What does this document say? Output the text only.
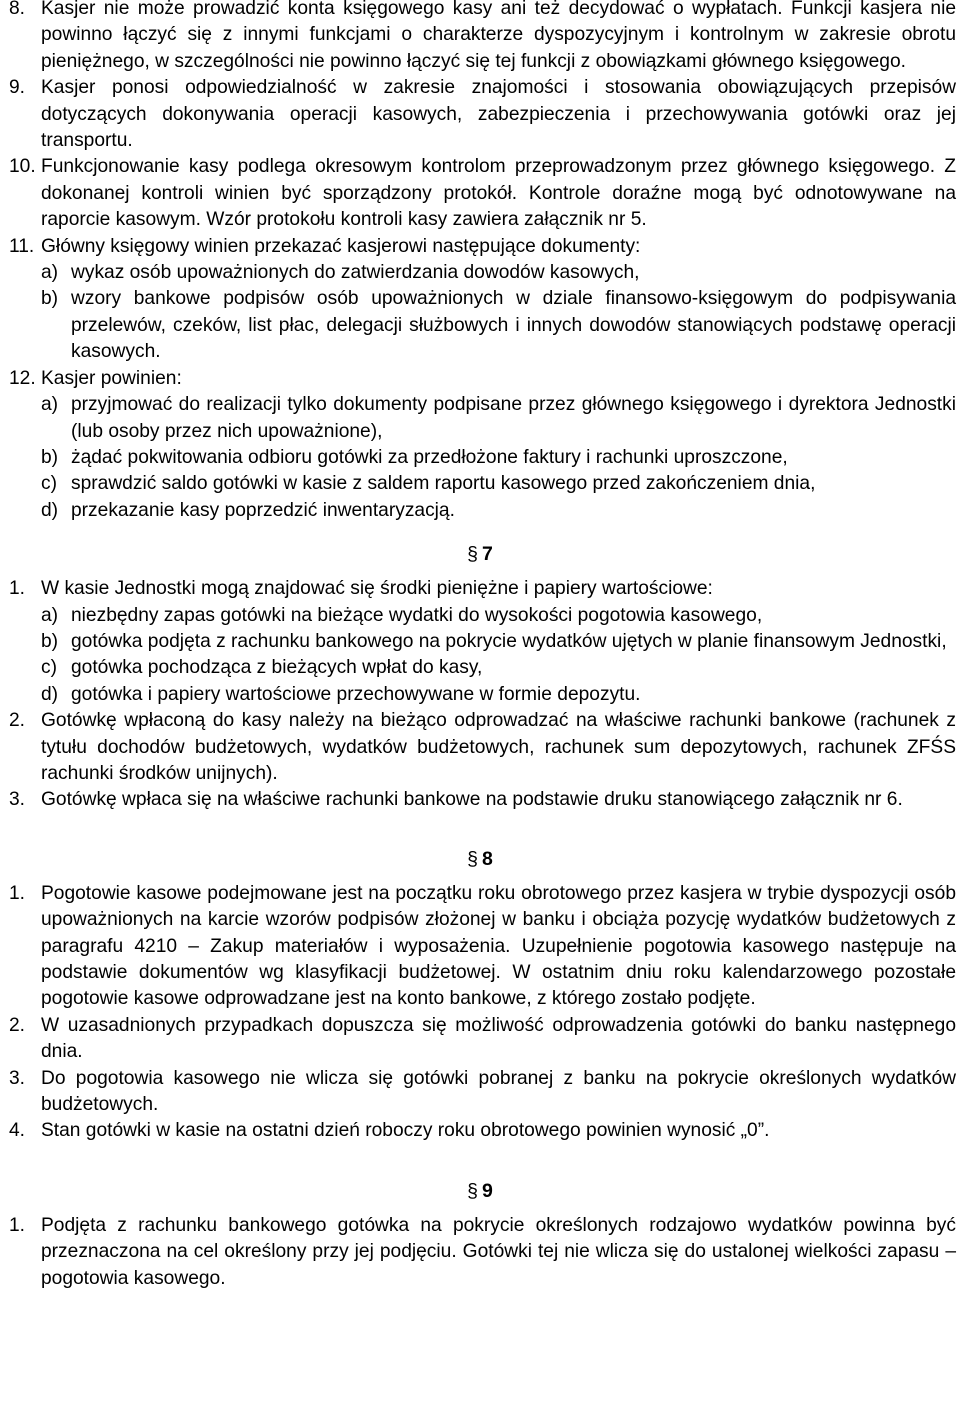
8. Kasjer nie może prowadzić konta księgowego kasy ani też decydować o wypłatach. Funkcji kasjera nie powinno łączyć się z innymi funkcjami o charakterze dyspozycyjnym i kontrolnym w zakresie obrotu pieniężnego, w szczególności nie powinno łączyć się tej funkcji z obowiązkami głównego księgowego.
9. Kasjer ponosi odpowiedzialność w zakresie znajomości i stosowania obowiązujących przepisów dotyczących dokonywania operacji kasowych, zabezpieczenia i przechowywania gotówki oraz jej transportu.
10. Funkcjonowanie kasy podlega okresowym kontrolom przeprowadzonym przez głównego księgowego. Z dokonanej kontroli winien być sporządzony protokół. Kontrole doraźne mogą być odnotowywane na raporcie kasowym. Wzór protokołu kontroli kasy zawiera załącznik nr 5.
11. Główny księgowy winien przekazać kasjerowi następujące dokumenty:
a) wykaz osób upoważnionych do zatwierdzania dowodów kasowych,
b) wzory bankowe podpisów osób upoważnionych w dziale finansowo-księgowym do podpisywania przelewów, czeków, list płac, delegacji służbowych i innych dowodów stanowiących podstawę operacji kasowych.
12. Kasjer powinien:
a) przyjmować do realizacji tylko dokumenty podpisane przez głównego księgowego i dyrektora Jednostki (lub osoby przez nich upoważnione),
b) żądać pokwitowania odbioru gotówki za przedłożone faktury i rachunki uproszczone,
c) sprawdzić saldo gotówki w kasie z saldem raportu kasowego przed zakończeniem dnia,
d) przekazanie kasy poprzedzić inwentaryzacją.
§ 7
1. W kasie Jednostki mogą znajdować się środki pieniężne i papiery wartościowe:
a) niezbędny zapas gotówki na bieżące wydatki do wysokości pogotowia kasowego,
b) gotówka podjęta z rachunku bankowego na pokrycie wydatków ujętych w planie finansowym Jednostki,
c) gotówka pochodząca z bieżących wpłat do kasy,
d) gotówka i papiery wartościowe przechowywane w formie depozytu.
2. Gotówkę wpłaconą do kasy należy na bieżąco odprowadzać na właściwe rachunki bankowe (rachunek z tytułu dochodów budżetowych, wydatków budżetowych, rachunek sum depozytowych, rachunek ZFŚS rachunki środków unijnych).
3. Gotówkę wpłaca się na właściwe rachunki bankowe na podstawie druku stanowiącego załącznik nr 6.
§ 8
1. Pogotowie kasowe podejmowane jest na początku roku obrotowego przez kasjera w trybie dyspozycji osób upoważnionych na karcie wzorów podpisów złożonej w banku i obciąża pozycję wydatków budżetowych z paragrafu 4210 – Zakup materiałów i wyposażenia. Uzupełnienie pogotowia kasowego następuje na podstawie dokumentów wg klasyfikacji budżetowej. W ostatnim dniu roku kalendarzowego pozostałe pogotowie kasowe odprowadzane jest na konto bankowe, z którego zostało podjęte.
2. W uzasadnionych przypadkach dopuszcza się możliwość odprowadzenia gotówki do banku następnego dnia.
3. Do pogotowia kasowego nie wlicza się gotówki pobranej z banku na pokrycie określonych wydatków budżetowych.
4. Stan gotówki w kasie na ostatni dzień roboczy roku obrotowego powinien wynosić „0”.
§ 9
1. Podjęta z rachunku bankowego gotówka na pokrycie określonych rodzajowo wydatków powinna być przeznaczona na cel określony przy jej podjęciu. Gotówki tej nie wlicza się do ustalonej wielkości zapasu – pogotowia kasowego.
